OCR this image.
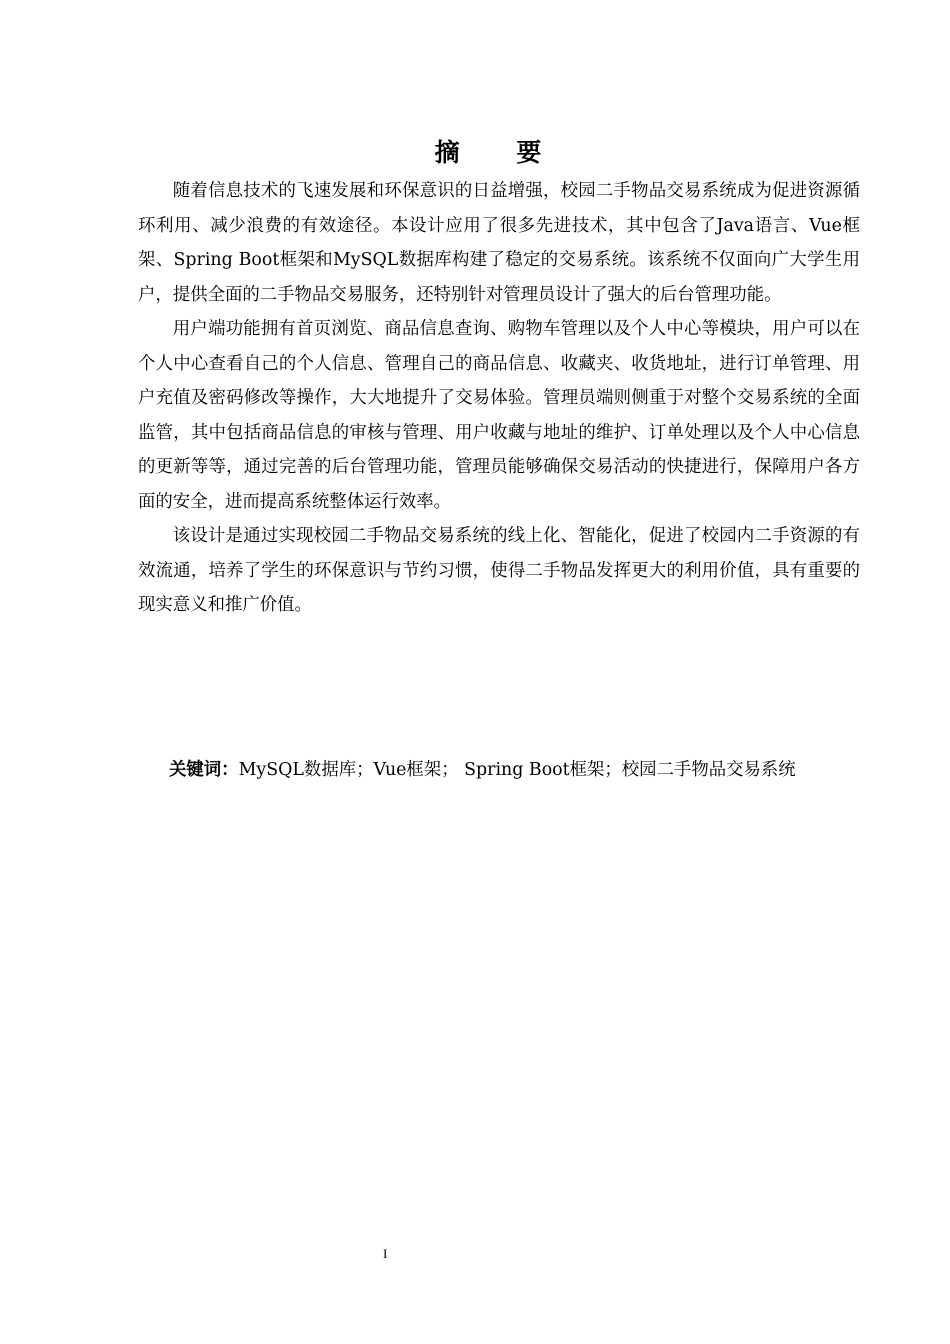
摘 要

随着信息技术的飞速发展和环保意识的日益增强，校园二手物品交易系统成为促进资源循环利用、减少浪费的有效途径。本设计应用了很多先进技术，其中包含了Java语言、Vue框架、Spring Boot框架和MySQL数据库构建了稳定的交易系统。该系统不仅面向广大学生用户，提供全面的二手物品交易服务，还特别针对管理员设计了强大的后台管理功能。

用户端功能拥有首页浏览、商品信息查询、购物车管理以及个人中心等模块，用户可以在个人中心查看自己的个人信息、管理自己的商品信息、收藏夹、收货地址，进行订单管理、用户充值及密码修改等操作，大大地提升了交易体验。管理员端则侧重于对整个交易系统的全面监管，其中包括商品信息的审核与管理、用户收藏与地址的维护、订单处理以及个人中心信息的更新等等，通过完善的后台管理功能，管理员能够确保交易活动的快捷进行，保障用户各方面的安全，进而提高系统整体运行效率。

该设计是通过实现校园二手物品交易系统的线上化、智能化，促进了校园内二手资源的有效流通，培养了学生的环保意识与节约习惯，使得二手物品发挥更大的利用价值，具有重要的现实意义和推广价值。

关键词：MySQL数据库；Vue框架； Spring Boot框架；校园二手物品交易系统
I
